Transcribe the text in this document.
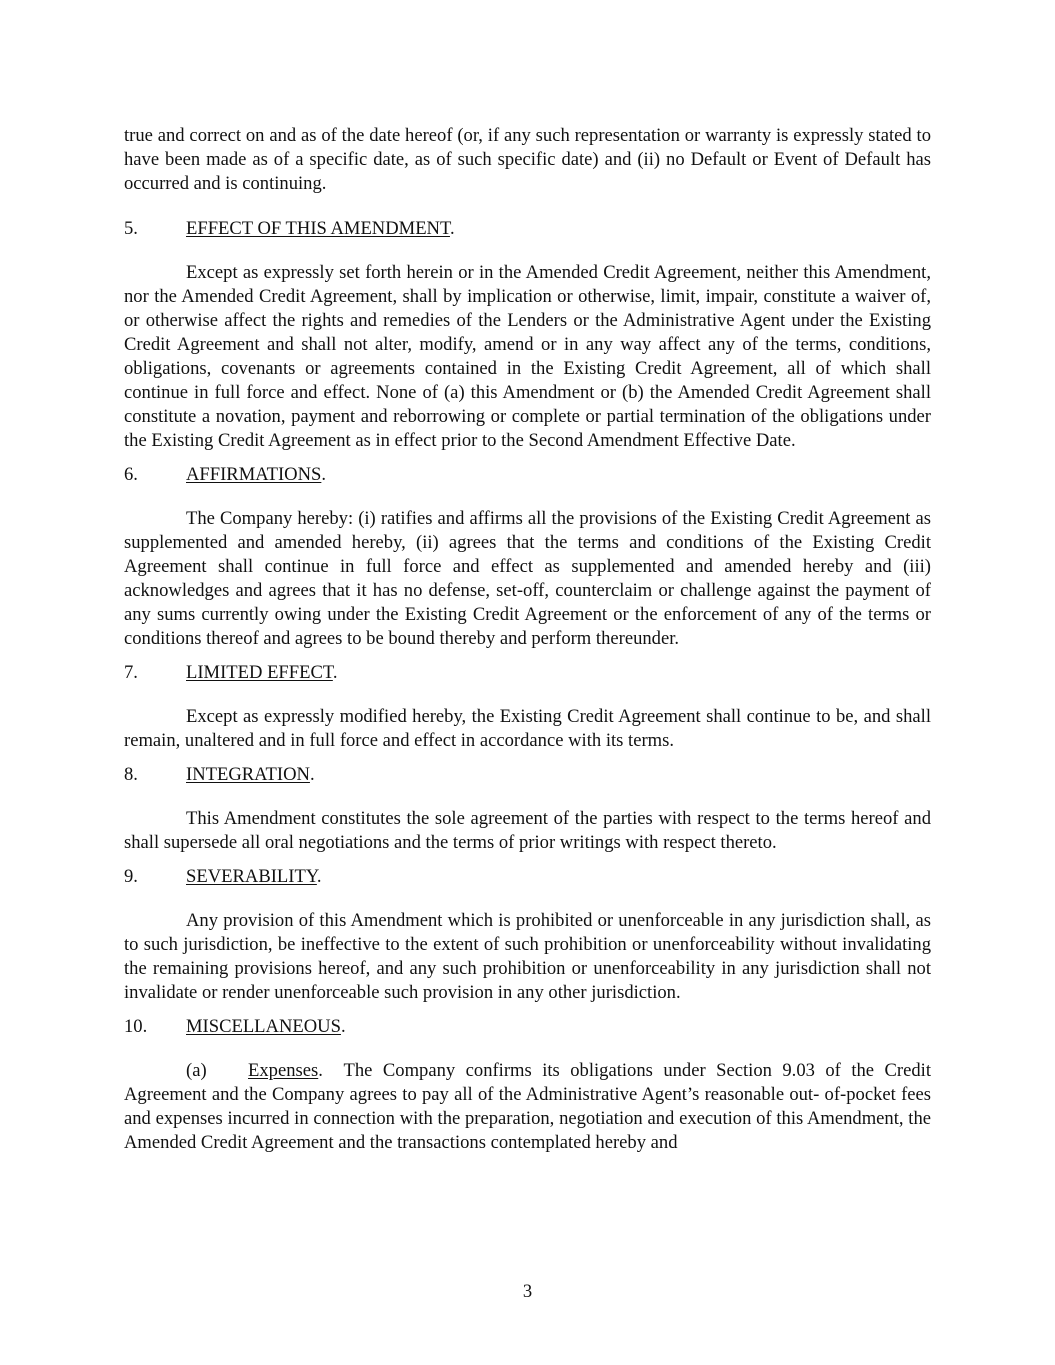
true and correct on and as of the date hereof (or, if any such representation or warranty is expressly stated to have been made as of a specific date, as of such specific date) and (ii) no Default or Event of Default has occurred and is continuing.

5.	EFFECT OF THIS AMENDMENT.

Except as expressly set forth herein or in the Amended Credit Agreement, neither this Amendment, nor the Amended Credit Agreement, shall by implication or otherwise, limit, impair, constitute a waiver of, or otherwise affect the rights and remedies of the Lenders or the Administrative Agent under the Existing Credit Agreement and shall not alter, modify, amend or in any way affect any of the terms, conditions, obligations, covenants or agreements contained in the Existing Credit Agreement, all of which shall continue in full force and effect. None of (a) this Amendment or (b) the Amended Credit Agreement shall constitute a novation, payment and reborrowing or complete or partial termination of the obligations under the Existing Credit Agreement as in effect prior to the Second Amendment Effective Date.

6.	AFFIRMATIONS.

The Company hereby: (i) ratifies and affirms all the provisions of the Existing Credit Agreement as supplemented and amended hereby, (ii) agrees that the terms and conditions of the Existing Credit Agreement shall continue in full force and effect as supplemented and amended hereby and (iii) acknowledges and agrees that it has no defense, set-off, counterclaim or challenge against the payment of any sums currently owing under the Existing Credit Agreement or the enforcement of any of the terms or conditions thereof and agrees to be bound thereby and perform thereunder.

7.	LIMITED EFFECT.

Except as expressly modified hereby, the Existing Credit Agreement shall continue to be, and shall remain, unaltered and in full force and effect in accordance with its terms.

8.	INTEGRATION.

This Amendment constitutes the sole agreement of the parties with respect to the terms hereof and shall supersede all oral negotiations and the terms of prior writings with respect thereto.

9.	SEVERABILITY.

Any provision of this Amendment which is prohibited or unenforceable in any jurisdiction shall, as to such jurisdiction, be ineffective to the extent of such prohibition or unenforceability without invalidating the remaining provisions hereof, and any such prohibition or unenforceability in any jurisdiction shall not invalidate or render unenforceable such provision in any other jurisdiction.

10. MISCELLANEOUS.

(a) Expenses. The Company confirms its obligations under Section 9.03 of the Credit Agreement and the Company agrees to pay all of the Administrative Agent’s reasonable out- of-pocket fees and expenses incurred in connection with the preparation, negotiation and execution of this Amendment, the Amended Credit Agreement and the transactions contemplated hereby and

3
